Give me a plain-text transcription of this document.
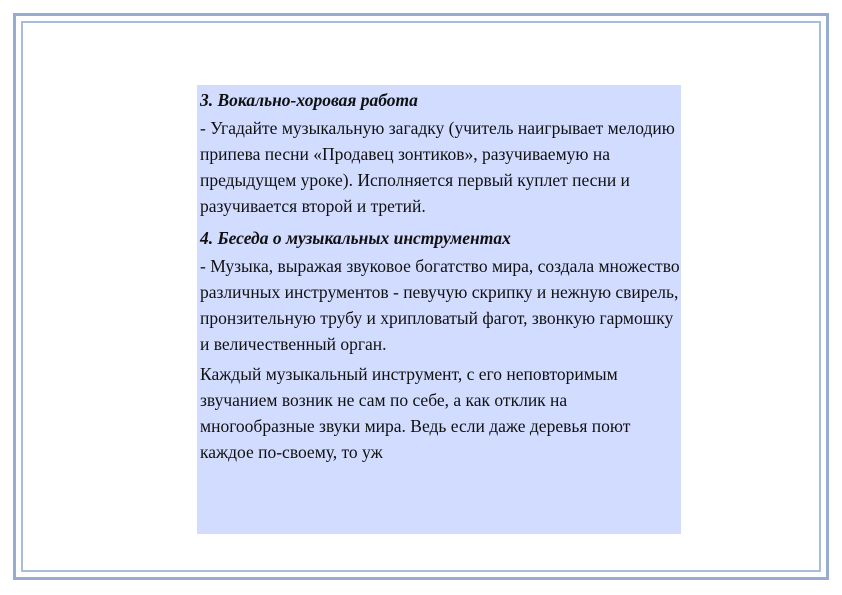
3. Вокально-хоровая работа

- Угадайте музыкальную загадку (учитель наигрывает мелодию припева песни «Продавец зонтиков», разучиваемую на предыдущем уроке). Исполняется первый куплет песни и разучивается второй и третий.

4. Беседа о музыкальных инструментах

- Музыка, выражая звуковое богатство мира, создала множество различных инструментов - певучую скрипку и нежную свирель, пронзительную трубу и хрипловатый фагот, звонкую гармошку и величественный орган.

Каждый музыкальный инструмент, с его неповторимым звучанием возник не сам по себе, а как отклик на многообразные звуки мира. Ведь если даже деревья поют каждое по-своему, то уж
